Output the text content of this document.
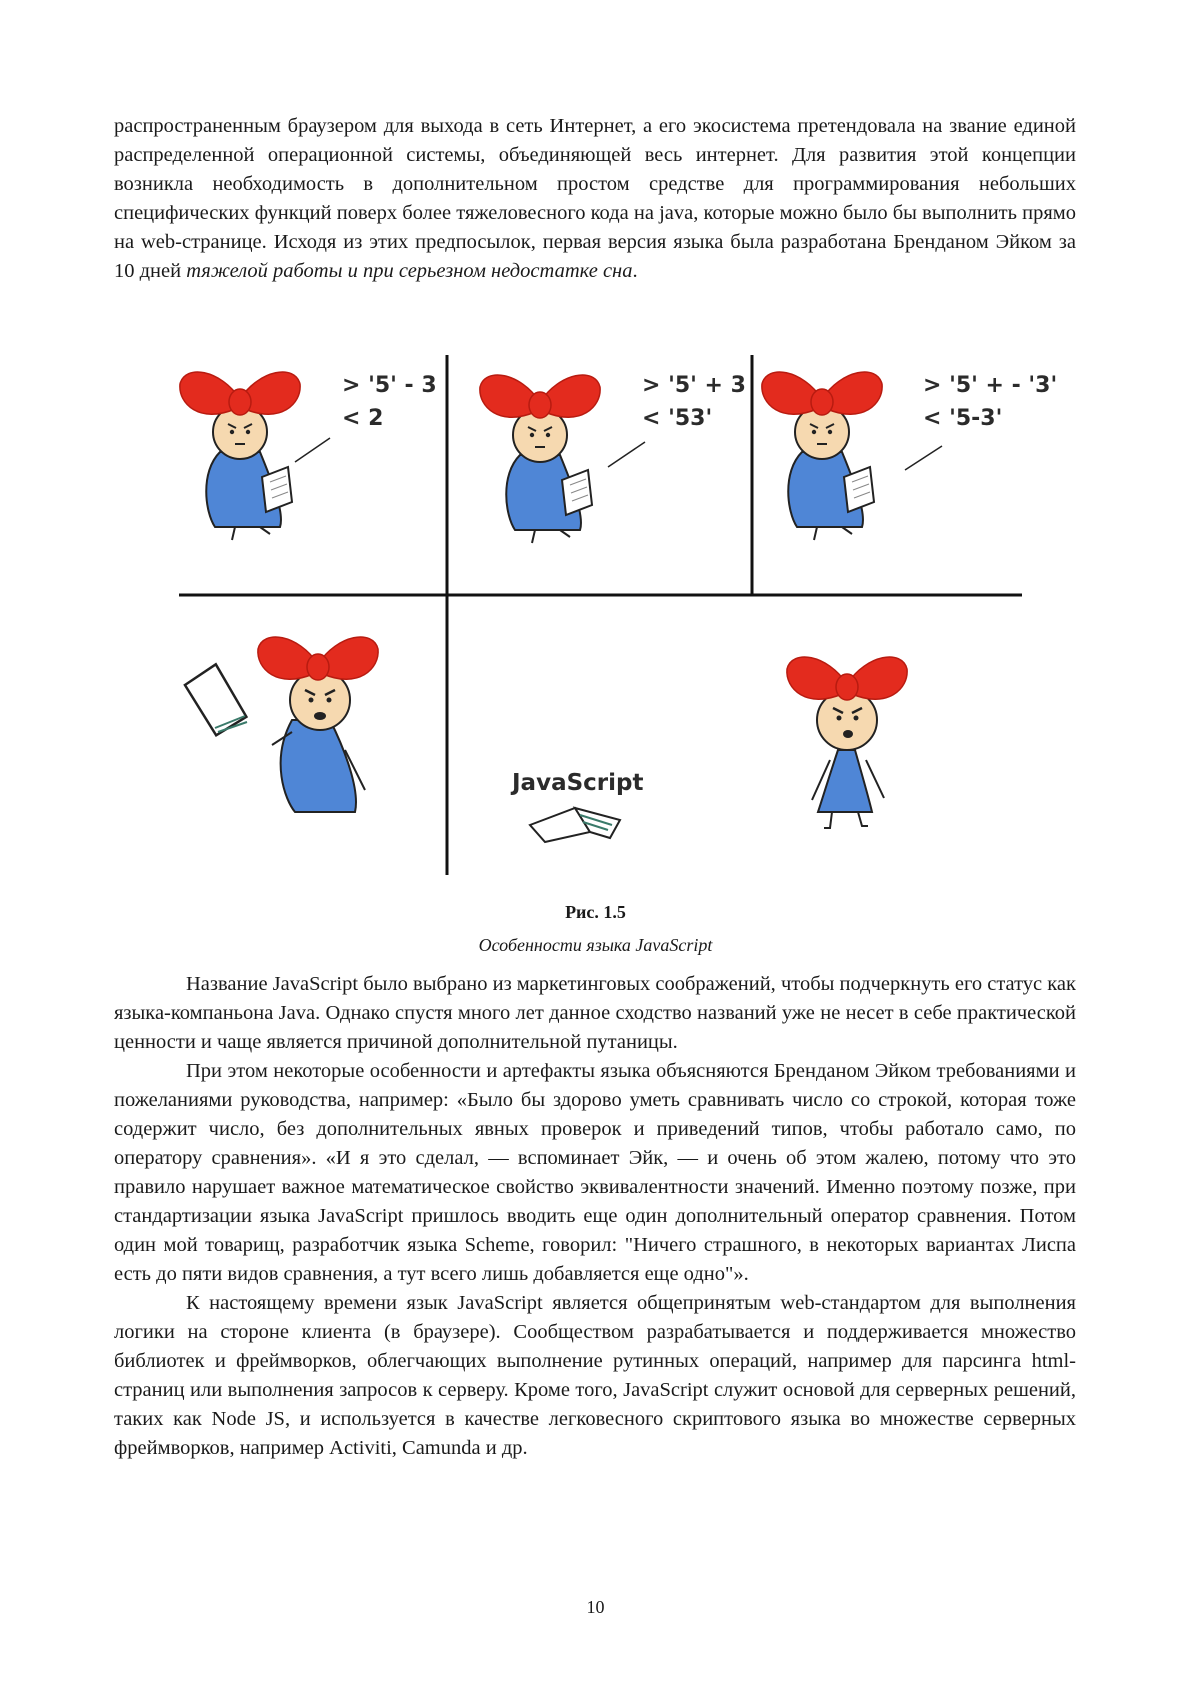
распространенным браузером для выхода в сеть Интернет, а его экосистема претендовала на звание единой распределенной операционной системы, объединяющей весь интернет. Для развития этой концепции возникла необходимость в дополнительном простом средстве для программирования небольших специфических функций поверх более тяжеловесного кода на java, которые можно было бы выполнить прямо на web-странице. Исходя из этих предпосылок, первая версия языка была разработана Бренданом Эйком за 10 дней тяжелой работы и при серьезном недостатке сна.

> '5' - 3
< 2
> '5' + 3
< '53'
> '5' + - '3'
< '5-3'
JavaScript
Рис. 1.5
Особенности языка JavaScript

Название JavaScript было выбрано из маркетинговых соображений, чтобы подчеркнуть его статус как языка-компаньона Java. Однако спустя много лет данное сходство названий уже не несет в себе практической ценности и чаще является причиной дополнительной путаницы.

При этом некоторые особенности и артефакты языка объясняются Бренданом Эйком требованиями и пожеланиями руководства, например: «Было бы здорово уметь сравнивать число со строкой, которая тоже содержит число, без дополнительных явных проверок и приведений типов, чтобы работало само, по оператору сравнения». «И я это сделал, — вспоминает Эйк, — и очень об этом жалею, потому что это правило нарушает важное математическое свойство эквивалентности значений. Именно поэтому позже, при стандартизации языка JavaScript пришлось вводить еще один дополнительный оператор сравнения. Потом один мой товарищ, разработчик языка Scheme, говорил: "Ничего страшного, в некоторых вариантах Лиспа есть до пяти видов сравнения, а тут всего лишь добавляется еще одно"».

К настоящему времени язык JavaScript является общепринятым web-стандартом для выполнения логики на стороне клиента (в браузере). Сообществом разрабатывается и поддерживается множество библиотек и фреймворков, облегчающих выполнение рутинных операций, например для парсинга html-страниц или выполнения запросов к серверу. Кроме того, JavaScript служит основой для серверных решений, таких как Node JS, и используется в качестве легковесного скриптового языка во множестве серверных фреймворков, например Activiti, Camunda и др.

10
